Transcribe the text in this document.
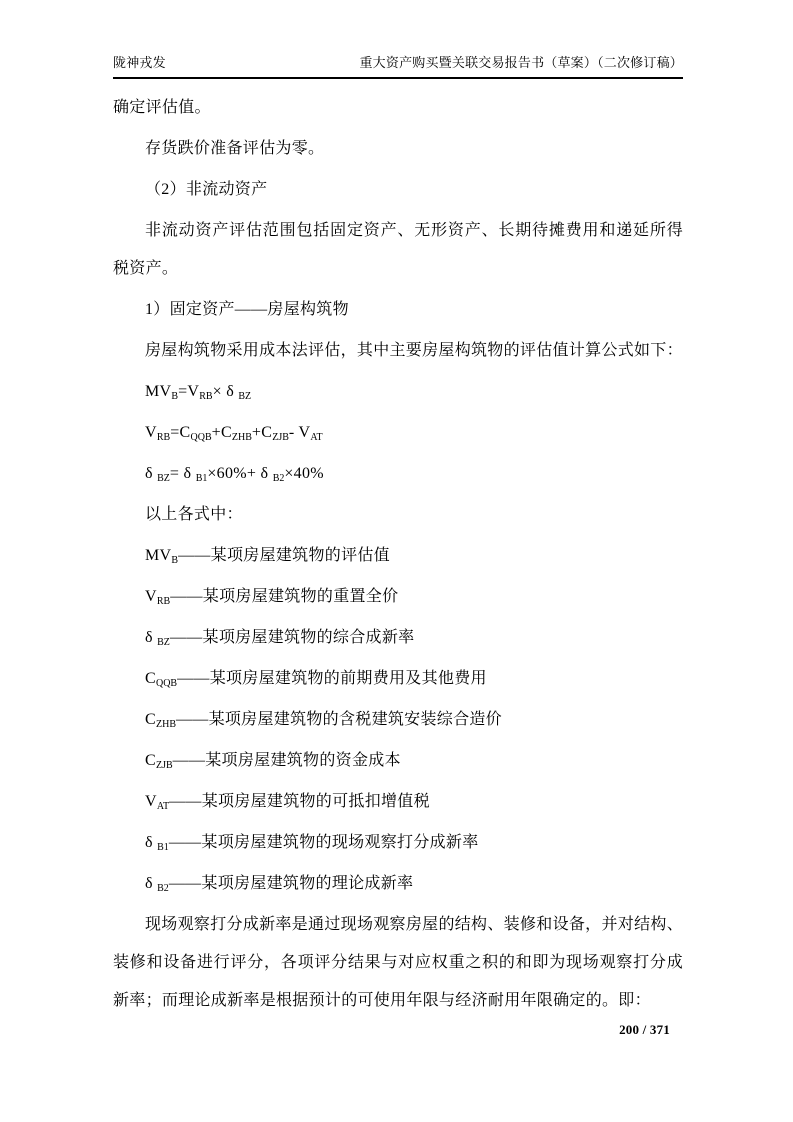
陇神戎发	重大资产购买暨关联交易报告书（草案）（二次修订稿）
确定评估值。
存货跌价准备评估为零。
（2）非流动资产
非流动资产评估范围包括固定资产、无形资产、长期待摊费用和递延所得
税资产。
1）固定资产——房屋构筑物
房屋构筑物采用成本法评估，其中主要房屋构筑物的评估值计算公式如下：
$MV_B=V_{RB}\times \delta$ $_{BZ}$
$V_{RB}=C_{QQB}+C_{ZHB}+C_{ZJB}-$ $V_{AT}$
δ $_{BZ}$= δ $_{B1}$×60%+ δ $_{B2}$×40%
以上各式中：
$MV_B——$某项房屋建筑物的评估值
$V_{RB}——$某项房屋建筑物的重置全价
δ $_{BZ}$——某项房屋建筑物的综合成新率
$C_{QQB}——$某项房屋建筑物的前期费用及其他费用
$C_{ZHB}——$某项房屋建筑物的含税建筑安装综合造价
$C_{ZJB}——$某项房屋建筑物的资金成本
$V_{AT}——$某项房屋建筑物的可抵扣增值税
δ $_{B1}$——某项房屋建筑物的现场观察打分成新率
δ $_{B2}$——某项房屋建筑物的理论成新率
现场观察打分成新率是通过现场观察房屋的结构、装修和设备，并对结构、
装修和设备进行评分，各项评分结果与对应权重之积的和即为现场观察打分成
新率；而理论成新率是根据预计的可使用年限与经济耐用年限确定的。即：
200 / 371
